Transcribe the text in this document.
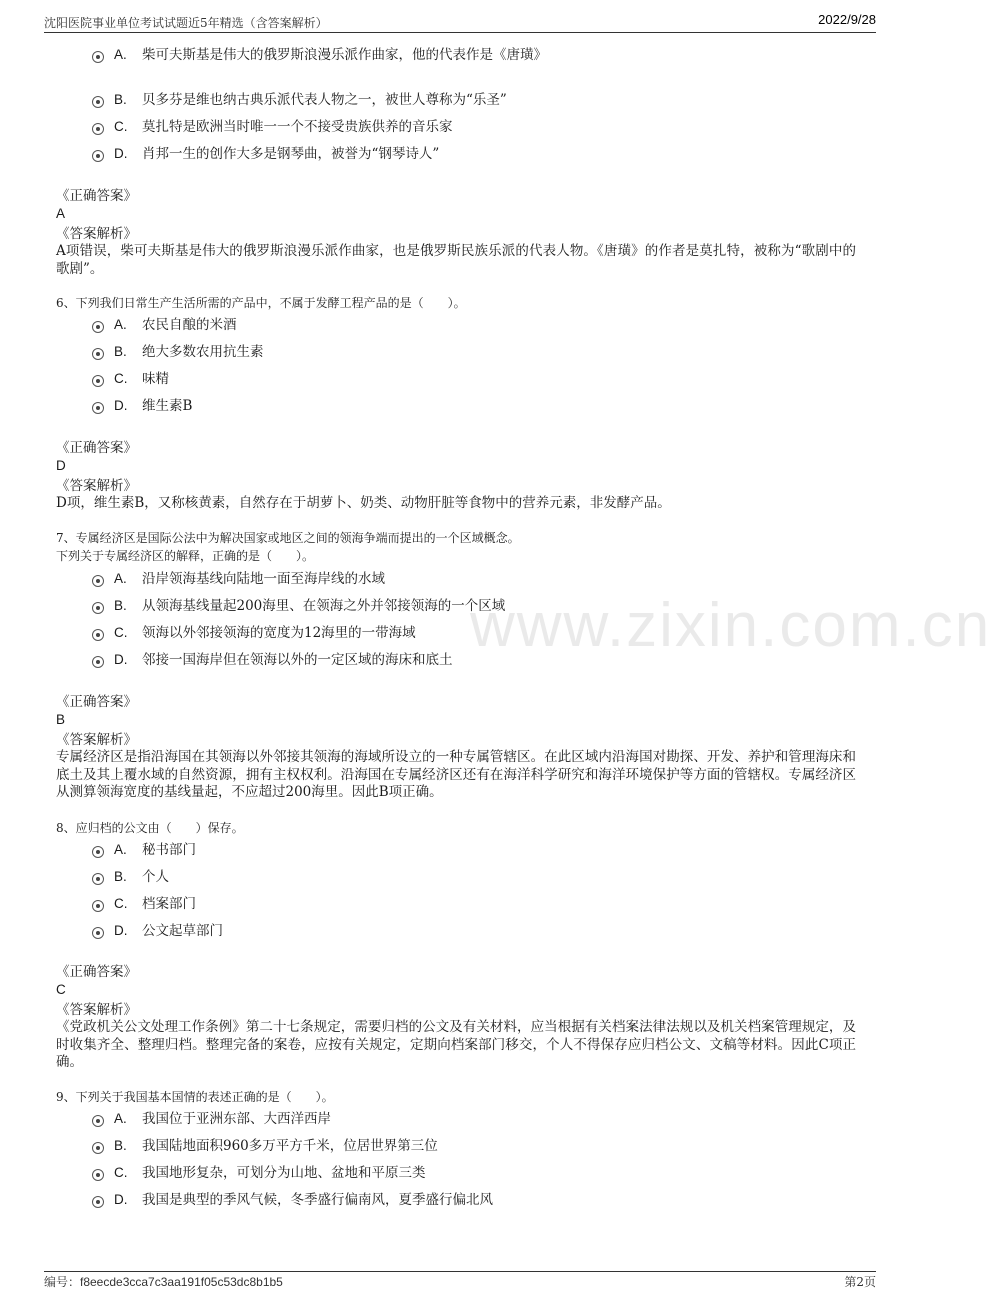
沈阳医院事业单位考试试题近5年精选（含答案解析）	2022/9/28
www.zixin.com.cn
A. 柴可夫斯基是伟大的俄罗斯浪漫乐派作曲家，他的代表作是《唐璜》
B. 贝多芬是维也纳古典乐派代表人物之一，被世人尊称为“乐圣”
C. 莫扎特是欧洲当时唯一一个不接受贵族供养的音乐家
D. 肖邦一生的创作大多是钢琴曲，被誉为“钢琴诗人”
《正确答案》
A
《答案解析》
A项错误，柴可夫斯基是伟大的俄罗斯浪漫乐派作曲家，也是俄罗斯民族乐派的代表人物。《唐璜》的作者是莫扎特，被称为“歌剧中的歌剧”。
6、下列我们日常生产生活所需的产品中，不属于发酵工程产品的是（　　）。
A. 农民自酿的米酒
B. 绝大多数农用抗生素
C. 味精
D. 维生素B
《正确答案》
D
《答案解析》
D项，维生素B，又称核黄素，自然存在于胡萝卜、奶类、动物肝脏等食物中的营养元素，非发酵产品。
7、专属经济区是国际公法中为解决国家或地区之间的领海争端而提出的一个区域概念。
下列关于专属经济区的解释，正确的是（　　）。
A. 沿岸领海基线向陆地一面至海岸线的水域
B. 从领海基线量起200海里、在领海之外并邻接领海的一个区域
C. 领海以外邻接领海的宽度为12海里的一带海域
D. 邻接一国海岸但在领海以外的一定区域的海床和底土
《正确答案》
B
《答案解析》
专属经济区是指沿海国在其领海以外邻接其领海的海域所设立的一种专属管辖区。在此区域内沿海国对勘探、开发、养护和管理海床和底土及其上覆水域的自然资源，拥有主权权利。沿海国在专属经济区还有在海洋科学研究和海洋环境保护等方面的管辖权。专属经济区从测算领海宽度的基线量起，不应超过200海里。因此B项正确。
8、应归档的公文由（　　）保存。
A. 秘书部门
B. 个人
C. 档案部门
D. 公文起草部门
《正确答案》
C
《答案解析》
《党政机关公文处理工作条例》第二十七条规定，需要归档的公文及有关材料，应当根据有关档案法律法规以及机关档案管理规定，及时收集齐全、整理归档。整理完备的案卷，应按有关规定，定期向档案部门移交，个人不得保存应归档公文、文稿等材料。因此C项正确。
9、下列关于我国基本国情的表述正确的是（　　）。
A. 我国位于亚洲东部、大西洋西岸
B. 我国陆地面积960多万平方千米，位居世界第三位
C. 我国地形复杂，可划分为山地、盆地和平原三类
D. 我国是典型的季风气候，冬季盛行偏南风，夏季盛行偏北风
编号：f8eecde3cca7c3aa191f05c53dc8b1b5	第2页
